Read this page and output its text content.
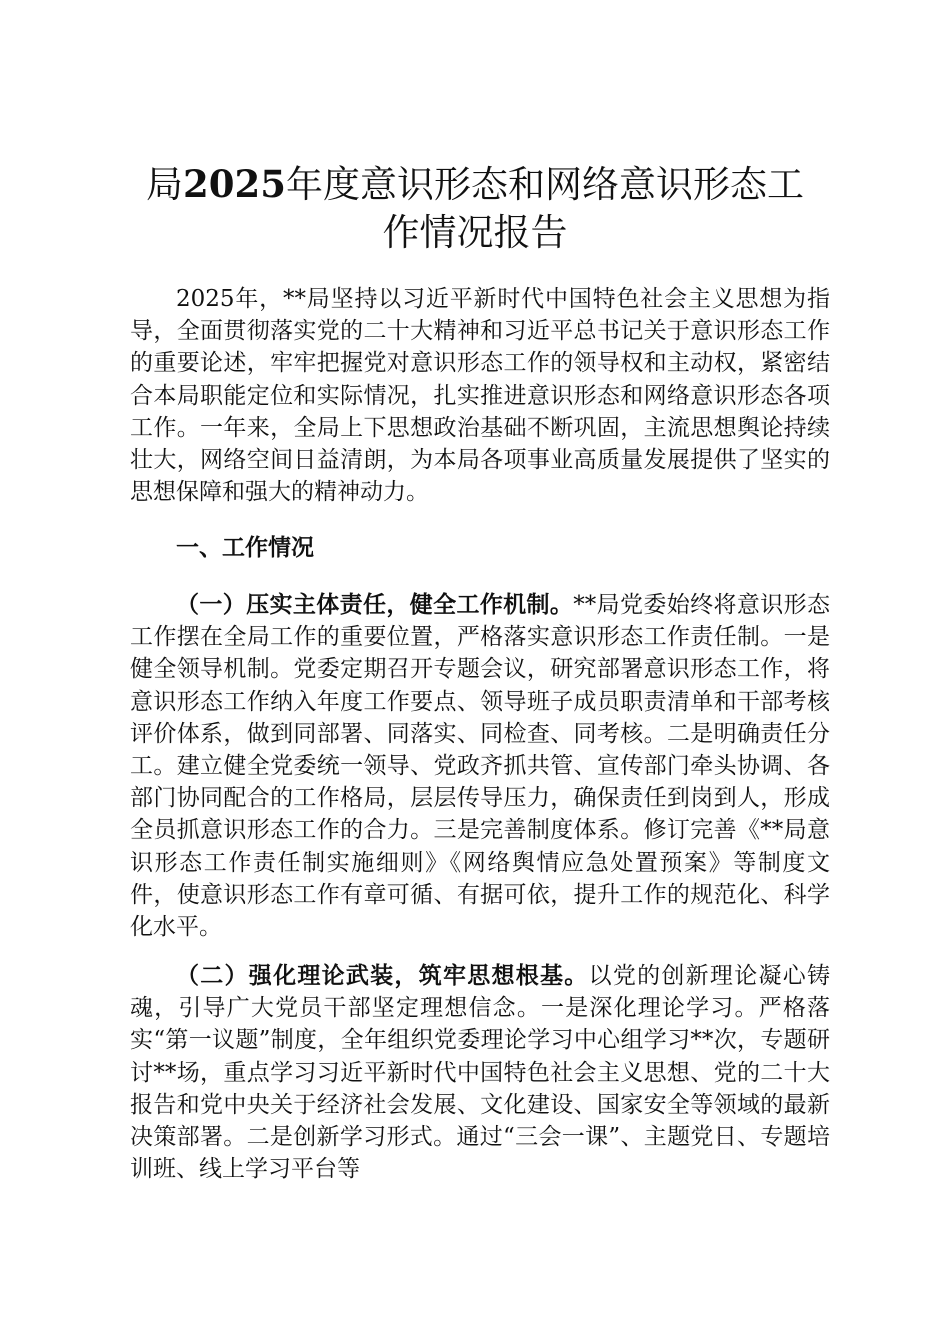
局2025年度意识形态和网络意识形态工作情况报告

2025年，**局坚持以习近平新时代中国特色社会主义思想为指导，全面贯彻落实党的二十大精神和习近平总书记关于意识形态工作的重要论述，牢牢把握党对意识形态工作的领导权和主动权，紧密结合本局职能定位和实际情况，扎实推进意识形态和网络意识形态各项工作。一年来，全局上下思想政治基础不断巩固，主流思想舆论持续壮大，网络空间日益清朗，为本局各项事业高质量发展提供了坚实的思想保障和强大的精神动力。

一、工作情况

（一）压实主体责任，健全工作机制。**局党委始终将意识形态工作摆在全局工作的重要位置，严格落实意识形态工作责任制。一是健全领导机制。党委定期召开专题会议，研究部署意识形态工作，将意识形态工作纳入年度工作要点、领导班子成员职责清单和干部考核评价体系，做到同部署、同落实、同检查、同考核。二是明确责任分工。建立健全党委统一领导、党政齐抓共管、宣传部门牵头协调、各部门协同配合的工作格局，层层传导压力，确保责任到岗到人，形成全员抓意识形态工作的合力。三是完善制度体系。修订完善《**局意识形态工作责任制实施细则》《网络舆情应急处置预案》等制度文件，使意识形态工作有章可循、有据可依，提升工作的规范化、科学化水平。

（二）强化理论武装，筑牢思想根基。以党的创新理论凝心铸魂，引导广大党员干部坚定理想信念。一是深化理论学习。严格落实“第一议题”制度，全年组织党委理论学习中心组学习**次，专题研讨**场，重点学习习近平新时代中国特色社会主义思想、党的二十大报告和党中央关于经济社会发展、文化建设、国家安全等领域的最新决策部署。二是创新学习形式。通过“三会一课”、主题党日、专题培训班、线上学习平台等
